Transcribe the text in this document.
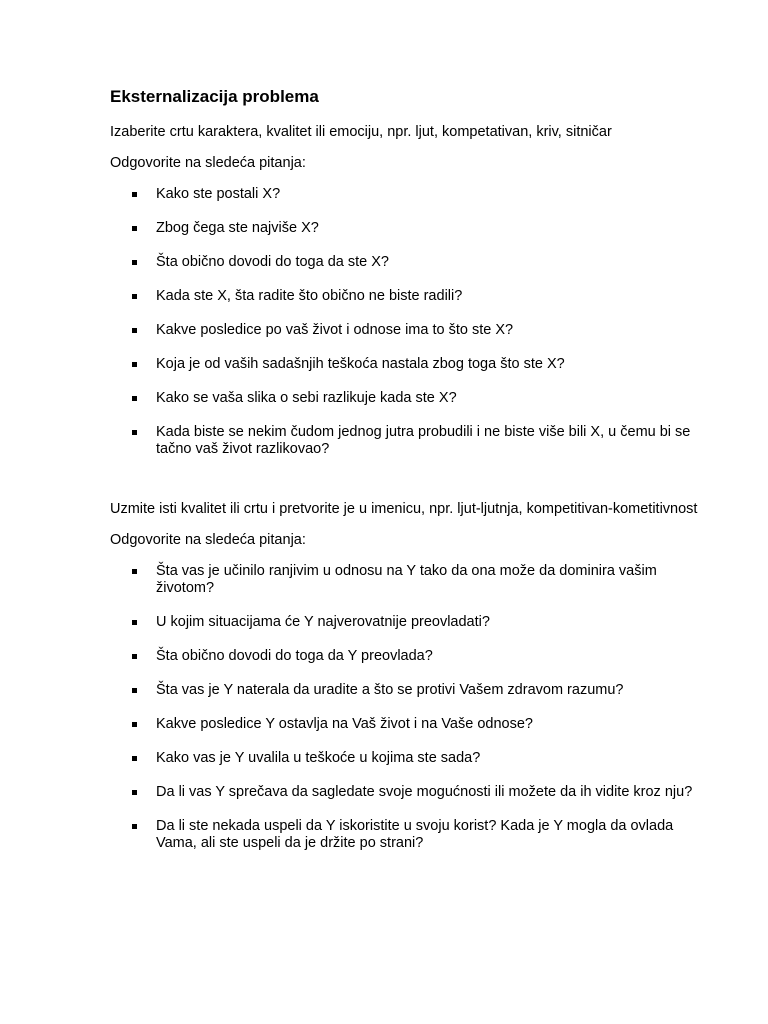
Eksternalizacija problema

Izaberite crtu karaktera, kvalitet ili emociju, npr. ljut, kompetativan, kriv, sitničar

Odgovorite na sledeća pitanja:

Kako ste postali X?
Zbog čega ste najviše X?
Šta obično dovodi do toga da ste X?
Kada ste X, šta radite što obično ne biste radili?
Kakve posledice po vaš život i odnose ima to što ste X?
Koja je od vaših sadašnjih teškoća nastala zbog toga što ste X?
Kako se vaša slika o sebi razlikuje kada ste X?
Kada biste se nekim čudom jednog jutra probudili i ne biste više bili X, u čemu bi se tačno vaš život razlikovao?

Uzmite isti kvalitet ili crtu i pretvorite je u imenicu, npr. ljut-ljutnja, kompetitivan-kometitivnost

Odgovorite na sledeća pitanja:

Šta vas je učinilo ranjivim u odnosu na Y tako da ona može da dominira vašim životom?
U kojim situacijama će Y najverovatnije preovladati?
Šta obično dovodi do toga da Y preovlada?
Šta vas je Y naterala da uradite a što se protivi Vašem zdravom razumu?
Kakve posledice Y ostavlja na Vaš život i na Vaše odnose?
Kako vas je Y uvalila u teškoće u kojima ste sada?
Da li vas Y sprečava da sagledate svoje mogućnosti ili možete da ih vidite kroz nju?
Da li ste nekada uspeli da Y iskoristite u svoju korist? Kada je Y mogla da ovlada Vama, ali ste uspeli da je držite po strani?
